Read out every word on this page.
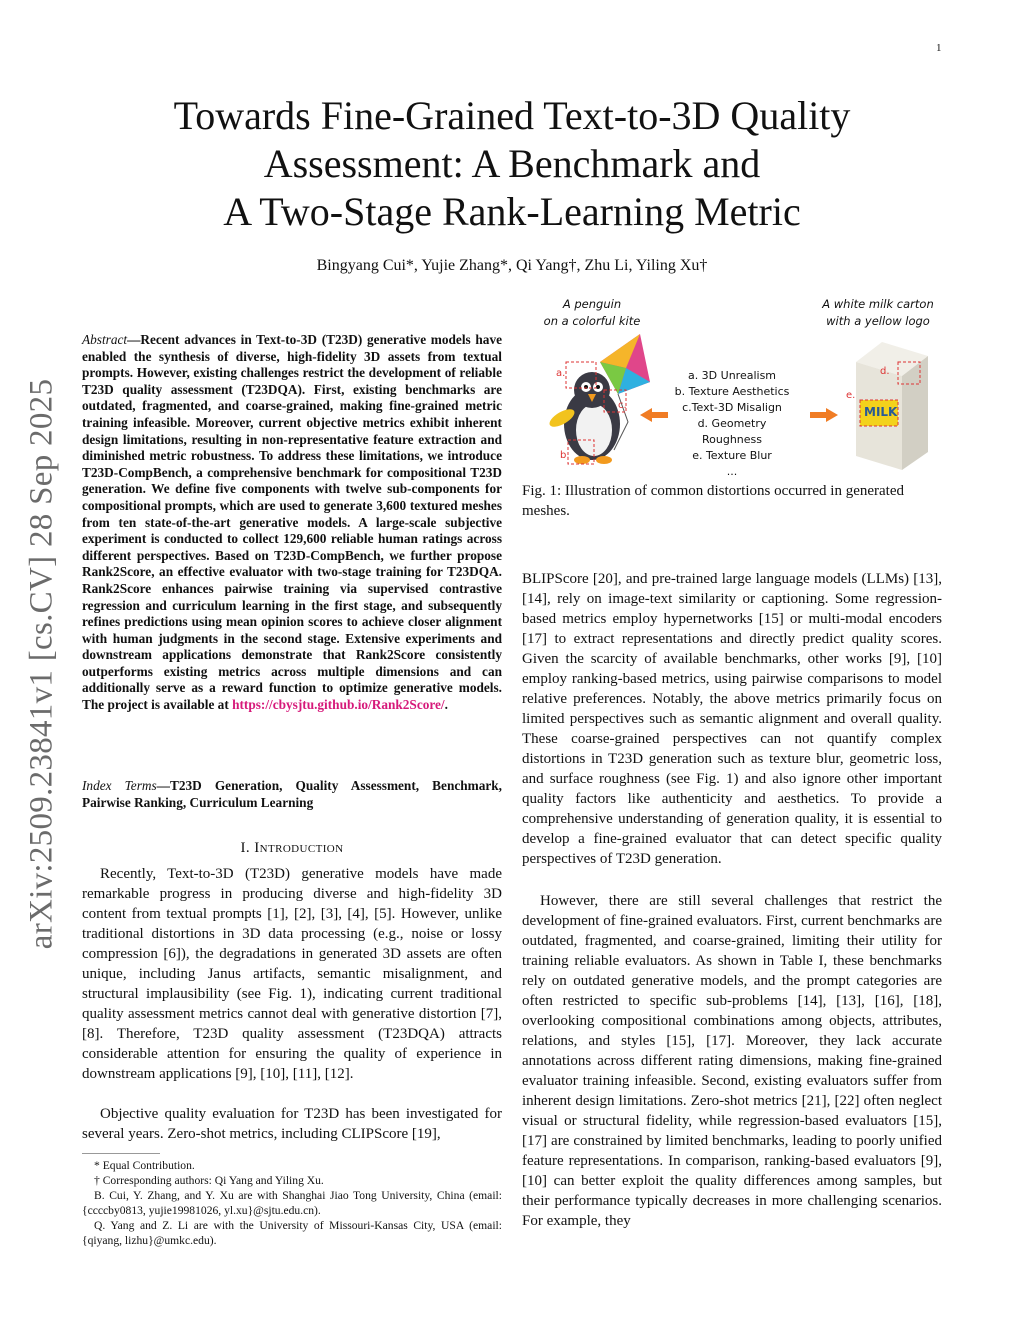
1
arXiv:2509.23841v1 [cs.CV] 28 Sep 2025
Towards Fine-Grained Text-to-3D Quality
Assessment: A Benchmark and
A Two-Stage Rank-Learning Metric
Bingyang Cui*, Yujie Zhang*, Qi Yang†, Zhu Li, Yiling Xu†
Abstract—Recent advances in Text-to-3D (T23D) generative models have enabled the synthesis of diverse, high-fidelity 3D assets from textual prompts. However, existing challenges restrict the development of reliable T23D quality assessment (T23DQA). First, existing benchmarks are outdated, fragmented, and coarse-grained, making fine-grained metric training infeasible. Moreover, current objective metrics exhibit inherent design limitations, resulting in non-representative feature extraction and diminished metric robustness. To address these limitations, we introduce T23D-CompBench, a comprehensive benchmark for compositional T23D generation. We define five components with twelve sub-components for compositional prompts, which are used to generate 3,600 textured meshes from ten state-of-the-art generative models. A large-scale subjective experiment is conducted to collect 129,600 reliable human ratings across different perspectives. Based on T23D-CompBench, we further propose Rank2Score, an effective evaluator with two-stage training for T23DQA. Rank2Score enhances pairwise training via supervised contrastive regression and curriculum learning in the first stage, and subsequently refines predictions using mean opinion scores to achieve closer alignment with human judgments in the second stage. Extensive experiments and downstream applications demonstrate that Rank2Score consistently outperforms existing metrics across multiple dimensions and can additionally serve as a reward function to optimize generative models. The project is available at https://cbysjtu.github.io/Rank2Score/.
Index Terms—T23D Generation, Quality Assessment, Benchmark, Pairwise Ranking, Curriculum Learning
I. Introduction
Recently, Text-to-3D (T23D) generative models have made remarkable progress in producing diverse and high-fidelity 3D content from textual prompts [1], [2], [3], [4], [5]. However, unlike traditional distortions in 3D data processing (e.g., noise or lossy compression [6]), the degradations in generated 3D assets are often unique, including Janus artifacts, semantic misalignment, and structural implausibility (see Fig. 1), indicating current traditional quality assessment metrics cannot deal with generative distortion [7], [8]. Therefore, T23D quality assessment (T23DQA) attracts considerable attention for ensuring the quality of experience in downstream applications [9], [10], [11], [12].
Objective quality evaluation for T23D has been investigated for several years. Zero-shot metrics, including CLIPScore [19],
* Equal Contribution.
† Corresponding authors: Qi Yang and Yiling Xu.
B. Cui, Y. Zhang, and Y. Xu are with Shanghai Jiao Tong University, China (email: {ccccby0813, yujie19981026, yl.xu}@sjtu.edu.cn).
Q. Yang and Z. Li are with the University of Missouri-Kansas City, USA (email: {qiyang, lizhu}@umkc.edu).
A penguin
on a colorful kite
A white milk carton
with a yellow logo
a.
b.
c.
a. 3D Unrealism
b. Texture Aesthetics
c.Text-3D Misalign
d. Geometry Roughness
e. Texture Blur
...
MILK
d.
e.
Fig. 1: Illustration of common distortions occurred in generated meshes.
BLIPScore [20], and pre-trained large language models (LLMs) [13], [14], rely on image-text similarity or captioning. Some regression-based metrics employ hypernetworks [15] or multi-modal encoders [17] to extract representations and directly predict quality scores. Given the scarcity of available benchmarks, other works [9], [10] employ ranking-based metrics, using pairwise comparisons to model relative preferences. Notably, the above metrics primarily focus on limited perspectives such as semantic alignment and overall quality. These coarse-grained perspectives can not quantify complex distortions in T23D generation such as texture blur, geometric loss, and surface roughness (see Fig. 1) and also ignore other important quality factors like authenticity and aesthetics. To provide a comprehensive understanding of generation quality, it is essential to develop a fine-grained evaluator that can detect specific quality perspectives of T23D generation.
However, there are still several challenges that restrict the development of fine-grained evaluators. First, current benchmarks are outdated, fragmented, and coarse-grained, limiting their utility for training reliable evaluators. As shown in Table I, these benchmarks rely on outdated generative models, and the prompt categories are often restricted to specific sub-problems [14], [13], [16], [18], overlooking compositional combinations among objects, attributes, relations, and styles [15], [17]. Moreover, they lack accurate annotations across different rating dimensions, making fine-grained evaluator training infeasible. Second, existing evaluators suffer from inherent design limitations. Zero-shot metrics [21], [22] often neglect visual or structural fidelity, while regression-based evaluators [15], [17] are constrained by limited benchmarks, leading to poorly unified feature representations. In comparison, ranking-based evaluators [9], [10] can better exploit the quality differences among samples, but their performance typically decreases in more challenging scenarios. For example, they
